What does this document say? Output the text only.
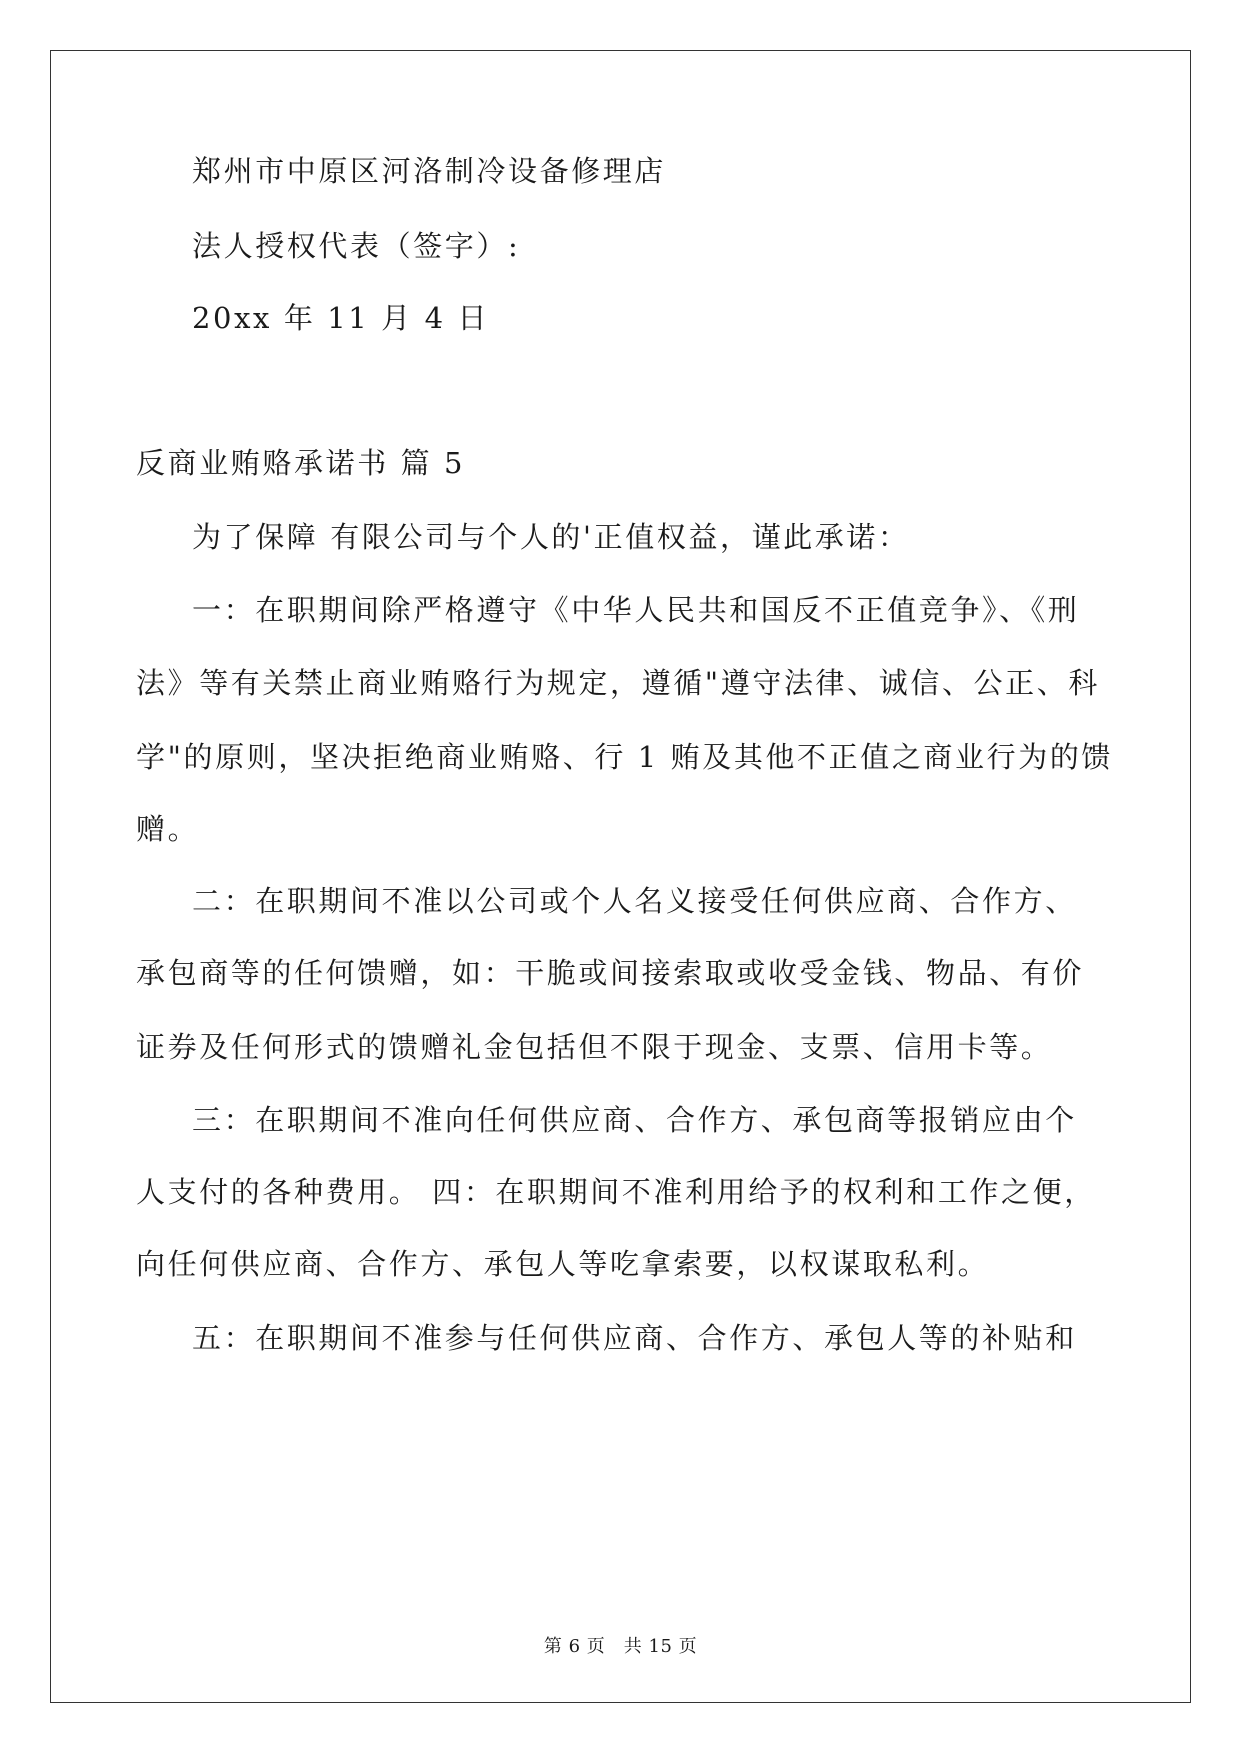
郑州市中原区河洛制冷设备修理店
法人授权代表（签字）:
20xx 年 11 月 4 日
反商业贿赂承诺书 篇 5
为了保障 有限公司与个人的'正值权益，谨此承诺：
一：在职期间除严格遵守《中华人民共和国反不正值竞争》、《刑
法》等有关禁止商业贿赂行为规定，遵循"遵守法律、诚信、公正、科
学"的原则，坚决拒绝商业贿赂、行 1 贿及其他不正值之商业行为的馈
赠。
二：在职期间不准以公司或个人名义接受任何供应商、合作方、
承包商等的任何馈赠，如：干脆或间接索取或收受金钱、物品、有价
证券及任何形式的馈赠礼金包括但不限于现金、支票、信用卡等。
三：在职期间不准向任何供应商、合作方、承包商等报销应由个
人支付的各种费用。 四：在职期间不准利用给予的权利和工作之便，
向任何供应商、合作方、承包人等吃拿索要，以权谋取私利。
五：在职期间不准参与任何供应商、合作方、承包人等的补贴和
第 6 页　共 15 页
